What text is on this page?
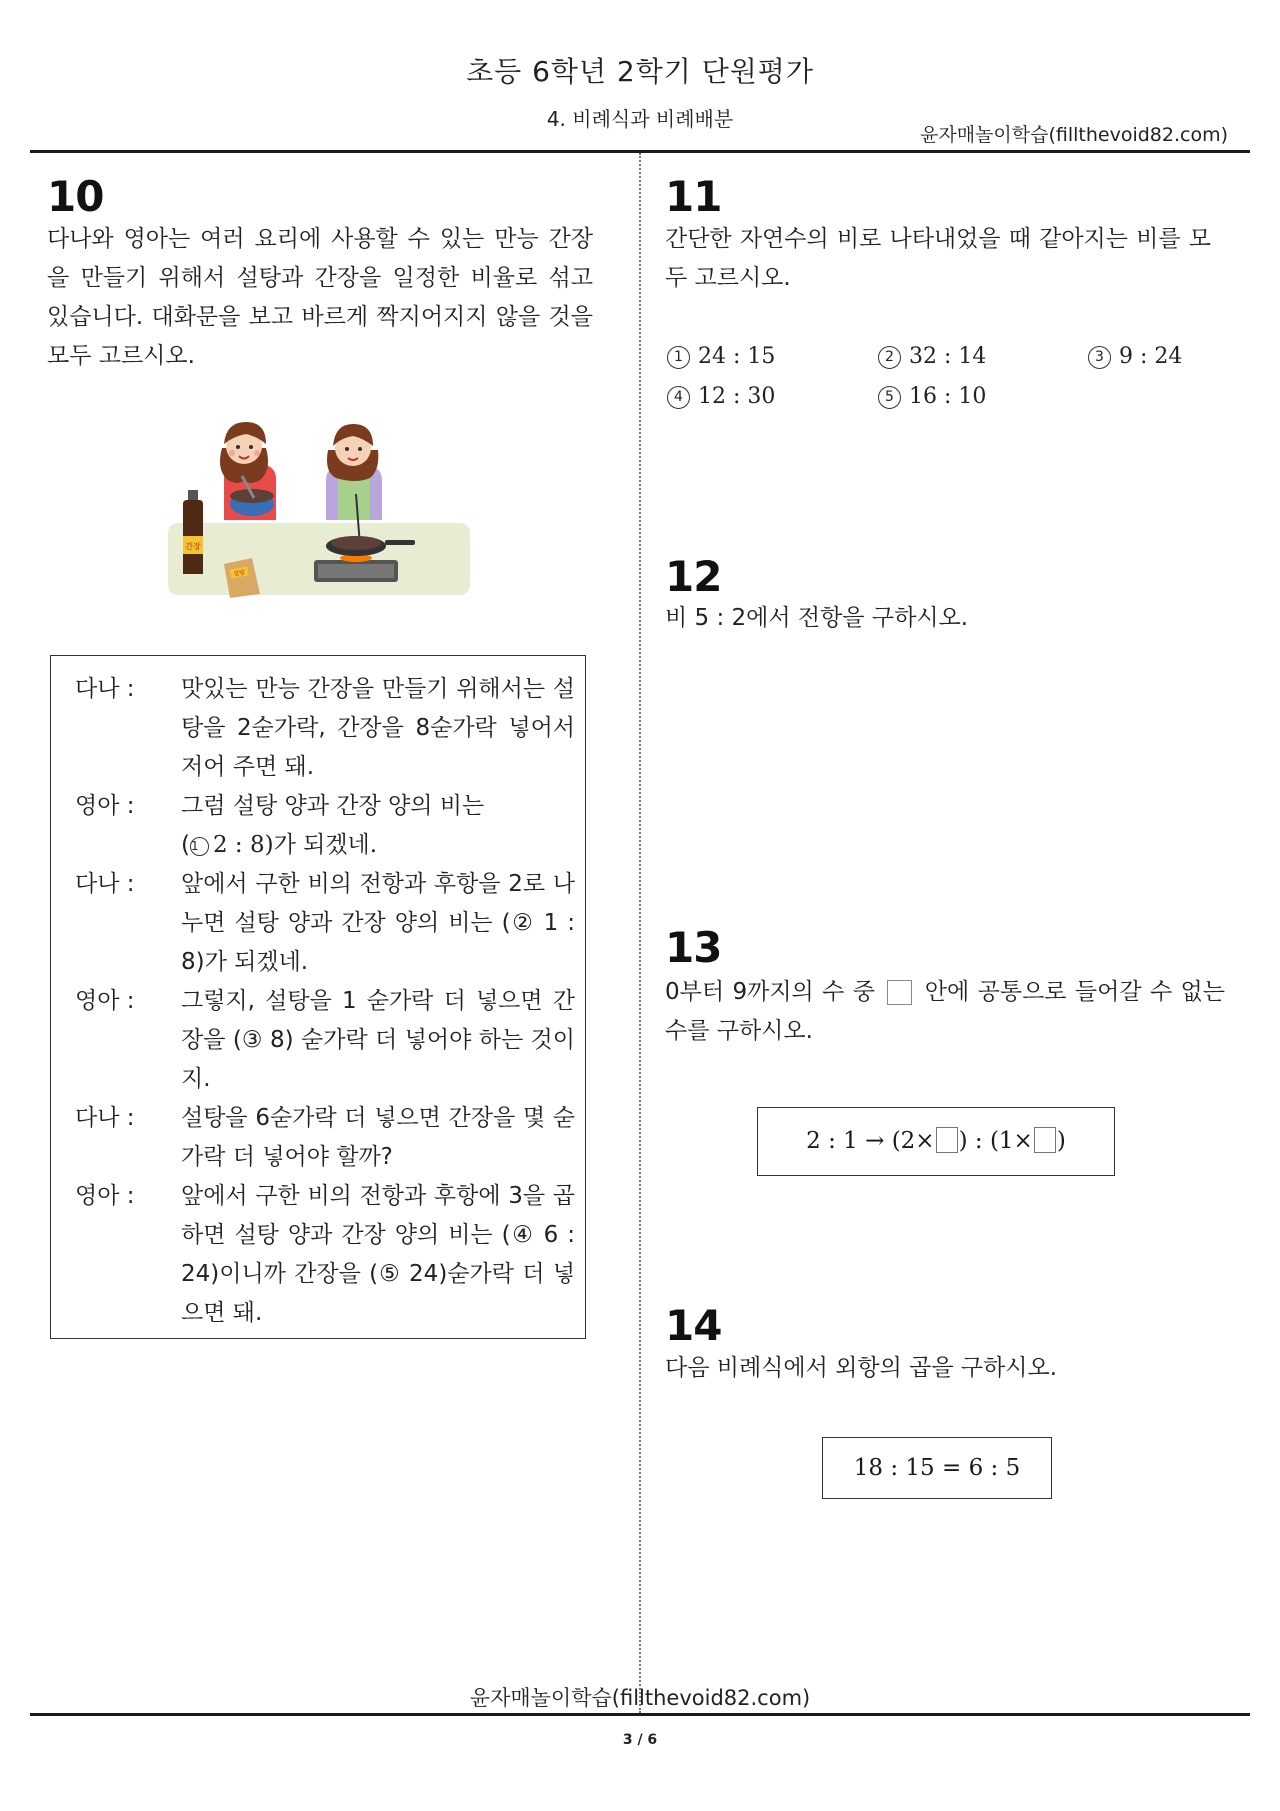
초등 6학년 2학기 단원평가
4. 비례식과 비례배분
윤자매놀이학습(fillthevoid82.com)
10
다나와 영아는 여러 요리에 사용할 수 있는 만능 간장을 만들기 위해서 설탕과 간장을 일정한 비율로 섞고 있습니다. 대화문을 보고 바르게 짝지어지지 않을 것을 모두 고르시오.
간장
설탕
다나 : 맛있는 만능 간장을 만들기 위해서는 설탕을 2숟가락, 간장을 8숟가락 넣어서 저어 주면 돼.
영아 : 그럼 설탕 양과 간장 양의 비는
(1 2 : 8)가 되겠네.
다나 : 앞에서 구한 비의 전항과 후항을 2로 나누면 설탕 양과 간장 양의 비는 (② 1 : 8)가 되겠네.
영아 : 그렇지, 설탕을 1 숟가락 더 넣으면 간장을 (③ 8) 숟가락 더 넣어야 하는 것이지.
다나 : 설탕을 6숟가락 더 넣으면 간장을 몇 숟가락 더 넣어야 할까?
영아 : 앞에서 구한 비의 전항과 후항에 3을 곱하면 설탕 양과 간장 양의 비는 (④ 6 : 24)이니까 간장을 (⑤ 24)숟가락 더 넣으면 돼.
11
간단한 자연수의 비로 나타내었을 때 같아지는 비를 모두 고르시오.
1 24 : 15	2 32 : 14	3 9 : 24
4 12 : 30	5 16 : 10
12
비 5 : 2에서 전항을 구하시오.
13
0부터 9까지의 수 중 안에 공통으로 들어갈 수 없는 수를 구하시오.
2 : 1 → (2× ) : (1× )
14
다음 비례식에서 외항의 곱을 구하시오.
18 : 15 = 6 : 5
윤자매놀이학습(fillthevoid82.com)
3 / 6
